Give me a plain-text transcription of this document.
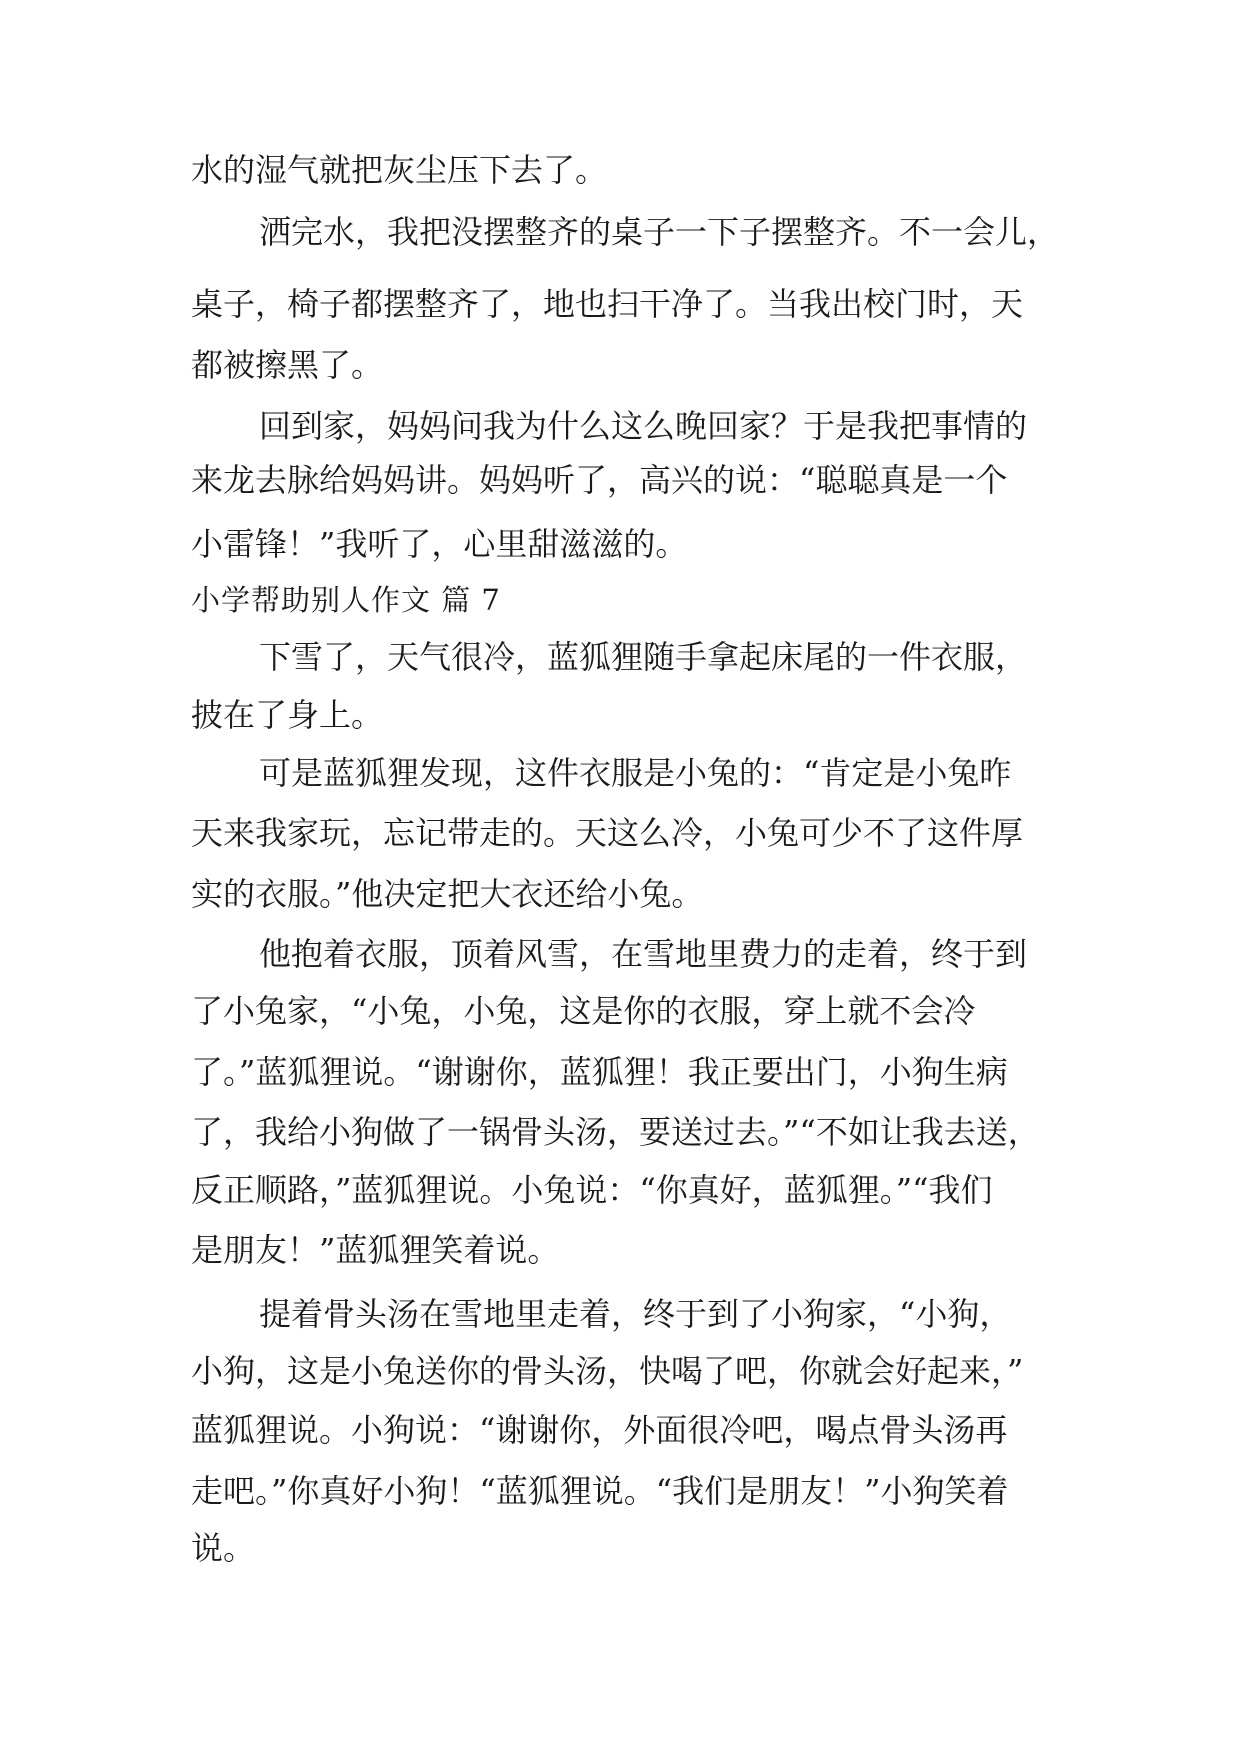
水的湿气就把灰尘压下去了。

洒完水，我把没摆整齐的桌子一下子摆整齐。不一会儿，

桌子，椅子都摆整齐了，地也扫干净了。当我出校门时，天

都被擦黑了。

回到家，妈妈问我为什么这么晚回家？于是我把事情的

来龙去脉给妈妈讲。妈妈听了，高兴的说：“聪聪真是一个

小雷锋！”我听了，心里甜滋滋的。

小学帮助别人作文 篇 7

下雪了，天气很冷，蓝狐狸随手拿起床尾的一件衣服，

披在了身上。

可是蓝狐狸发现，这件衣服是小兔的：“肯定是小兔昨

天来我家玩，忘记带走的。天这么冷，小兔可少不了这件厚

实的衣服。”他决定把大衣还给小兔。

他抱着衣服，顶着风雪，在雪地里费力的走着，终于到

了小兔家，“小兔，小兔，这是你的衣服，穿上就不会冷

了。”蓝狐狸说。“谢谢你，蓝狐狸！我正要出门，小狗生病

了，我给小狗做了一锅骨头汤，要送过去。”“不如让我去送，

反正顺路，”蓝狐狸说。小兔说：“你真好，蓝狐狸。”“我们

是朋友！”蓝狐狸笑着说。

提着骨头汤在雪地里走着，终于到了小狗家，“小狗，

小狗，这是小兔送你的骨头汤，快喝了吧，你就会好起来，”

蓝狐狸说。小狗说：“谢谢你，外面很冷吧，喝点骨头汤再

走吧。”你真好小狗！“蓝狐狸说。“我们是朋友！”小狗笑着

说。
